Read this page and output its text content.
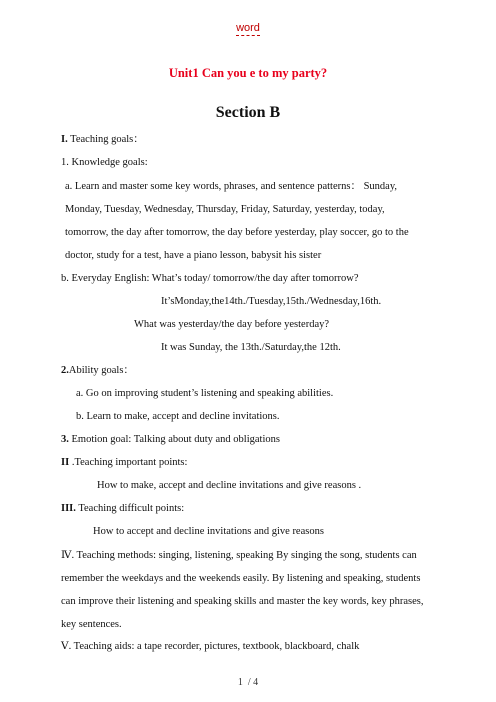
word
Unit1 Can you e to my party?
Section B
I. Teaching goals：
1. Knowledge goals:
a. Learn and master some key words, phrases, and sentence patterns： Sunday,
Monday, Tuesday, Wednesday, Thursday, Friday, Saturday, yesterday, today,
tomorrow, the day after tomorrow, the day before yesterday, play soccer, go to the
doctor, study for a test, have a piano lesson, babysit his sister
b. Everyday English: What’s today/ tomorrow/the day after tomorrow?
It’sMonday,the14th./Tuesday,15th./Wednesday,16th.
What was yesterday/the day before yesterday?
It was Sunday, the 13th./Saturday,the 12th.
2.Ability goals：
a. Go on improving student’s listening and speaking abilities.
b. Learn to make, accept and decline invitations.
3. Emotion goal: Talking about duty and obligations
II .Teaching important points:
How to make, accept and decline invitations and give reasons .
III. Teaching difficult points:
How to accept and decline invitations and give reasons
Ⅳ. Teaching methods: singing, listening, speaking By singing the song, students can remember the weekdays and the weekends easily. By listening and speaking, students can improve their listening and speaking skills and master the key words, key phrases, key sentences.
Ⅴ. Teaching aids: a tape recorder, pictures, textbook, blackboard, chalk
1 / 4
